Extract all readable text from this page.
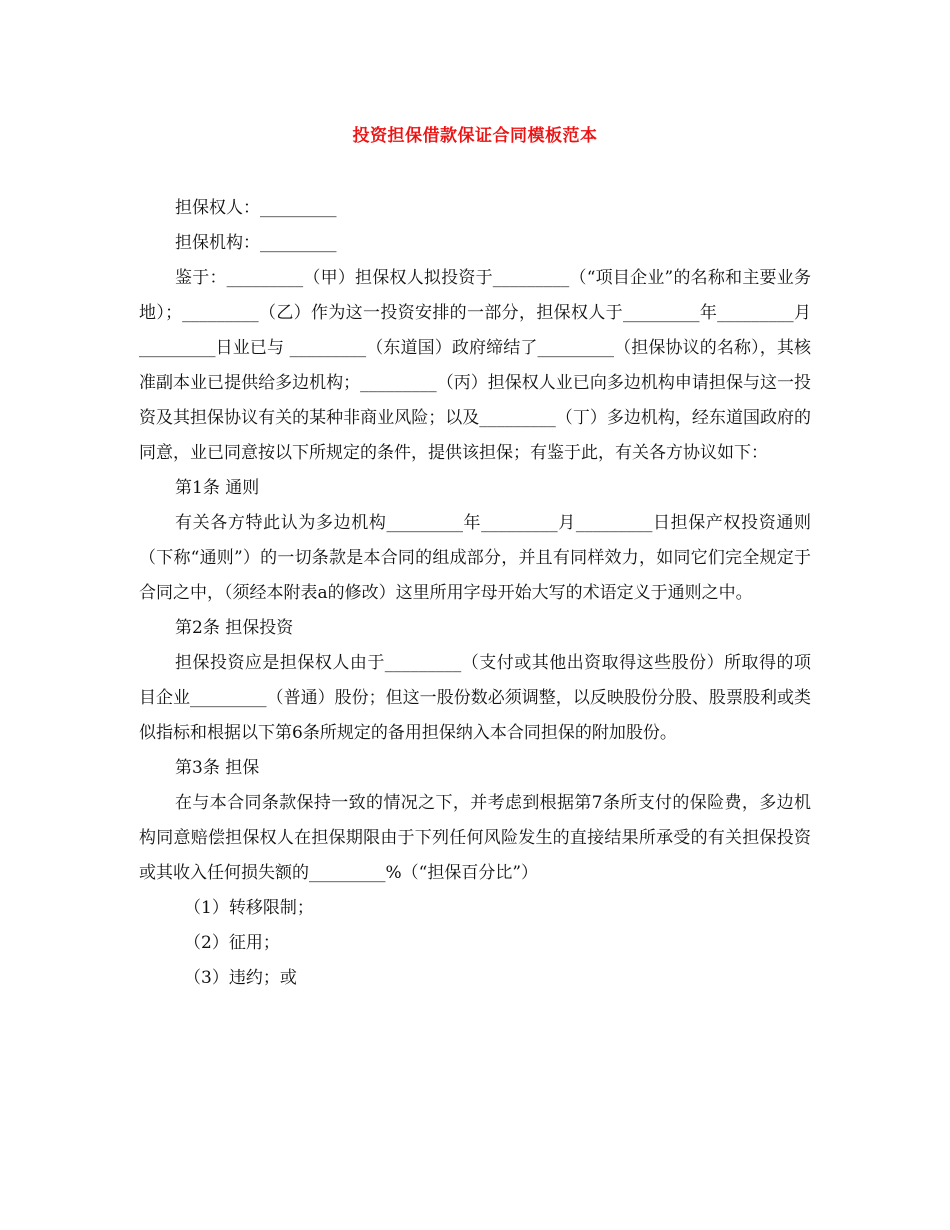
投资担保借款保证合同模板范本

担保权人：_________

担保机构：_________

鉴于：_________（甲）担保权人拟投资于_________（“项目企业”的名称和主要业务地）；_________（乙）作为这一投资安排的一部分，担保权人于_________年_________月_________日业已与 _________（东道国）政府缔结了_________（担保协议的名称），其核准副本业已提供给多边机构；_________（丙）担保权人业已向多边机构申请担保与这一投资及其担保协议有关的某种非商业风险；以及_________（丁）多边机构，经东道国政府的同意，业已同意按以下所规定的条件，提供该担保；有鉴于此，有关各方协议如下：

第1条 通则

有关各方特此认为多边机构_________年_________月_________日担保产权投资通则（下称“通则”）的一切条款是本合同的组成部分，并且有同样效力，如同它们完全规定于合同之中，（须经本附表a的修改）这里所用字母开始大写的术语定义于通则之中。

第2条 担保投资

担保投资应是担保权人由于_________（支付或其他出资取得这些股份）所取得的项目企业_________（普通）股份；但这一股份数必须调整，以反映股份分股、股票股利或类似指标和根据以下第6条所规定的备用担保纳入本合同担保的附加股份。

第3条 担保

在与本合同条款保持一致的情况之下，并考虑到根据第7条所支付的保险费，多边机构同意赔偿担保权人在担保期限由于下列任何风险发生的直接结果所承受的有关担保投资或其收入任何损失额的_________%（“担保百分比”）

（1）转移限制；

（2）征用；

（3）违约；或
